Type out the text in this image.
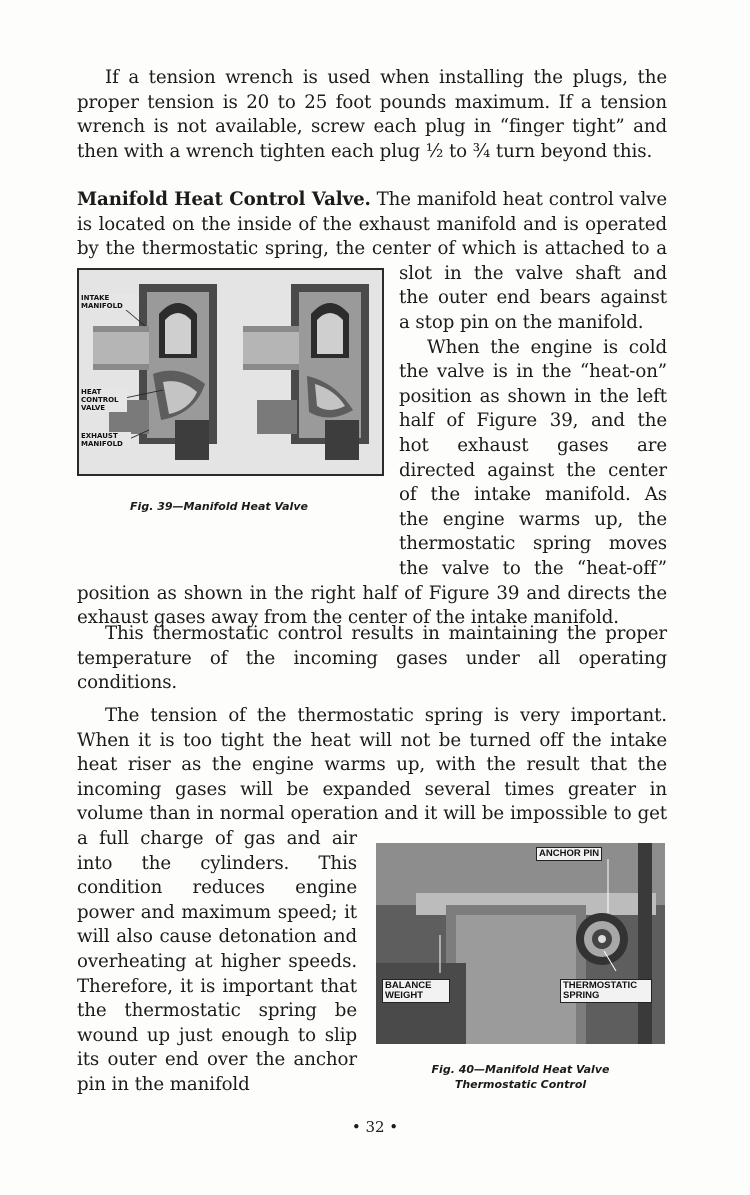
If a tension wrench is used when installing the plugs, the proper tension is 20 to 25 foot pounds maximum. If a tension wrench is not available, screw each plug in “finger tight” and then with a wrench tighten each plug ½ to ¾ turn beyond this.

Manifold Heat Control Valve. The manifold heat control valve is located on the inside of the exhaust manifold and is operated by the thermostatic spring, the center of which is attached to a slot in the valve shaft and the outer end bears against a stop pin on the manifold.

When the engine is cold the valve is in the “heat-on” position as shown in the left half of Figure 39, and the hot exhaust gases are directed against the center of the intake manifold. As the engine warms up, the thermostatic spring moves the valve to the “heat-off” position as shown in the right half of Figure 39 and directs the exhaust gases away from the center of the intake manifold.

INTAKE MANIFOLD
HEAT CONTROL VALVE
EXHAUST MANIFOLD
Fig. 39—Manifold Heat Valve

This thermostatic control results in maintaining the proper temperature of the incoming gases under all operating conditions.

The tension of the thermostatic spring is very important. When it is too tight the heat will not be turned off the intake heat riser as the engine warms up, with the result that the incoming gases will be expanded several times greater in volume than in normal operation and it will be impossible to get a full charge of gas and air into the cylinders. This condition reduces engine power and maximum speed; it will also cause detonation and overheating at higher speeds. Therefore, it is important that the thermostatic spring be wound up just enough to slip its outer end over the anchor pin in the manifold

ANCHOR PIN
BALANCE WEIGHT
THERMOSTATIC SPRING
Fig. 40—Manifold Heat Valve
Thermostatic Control
• 32 •
